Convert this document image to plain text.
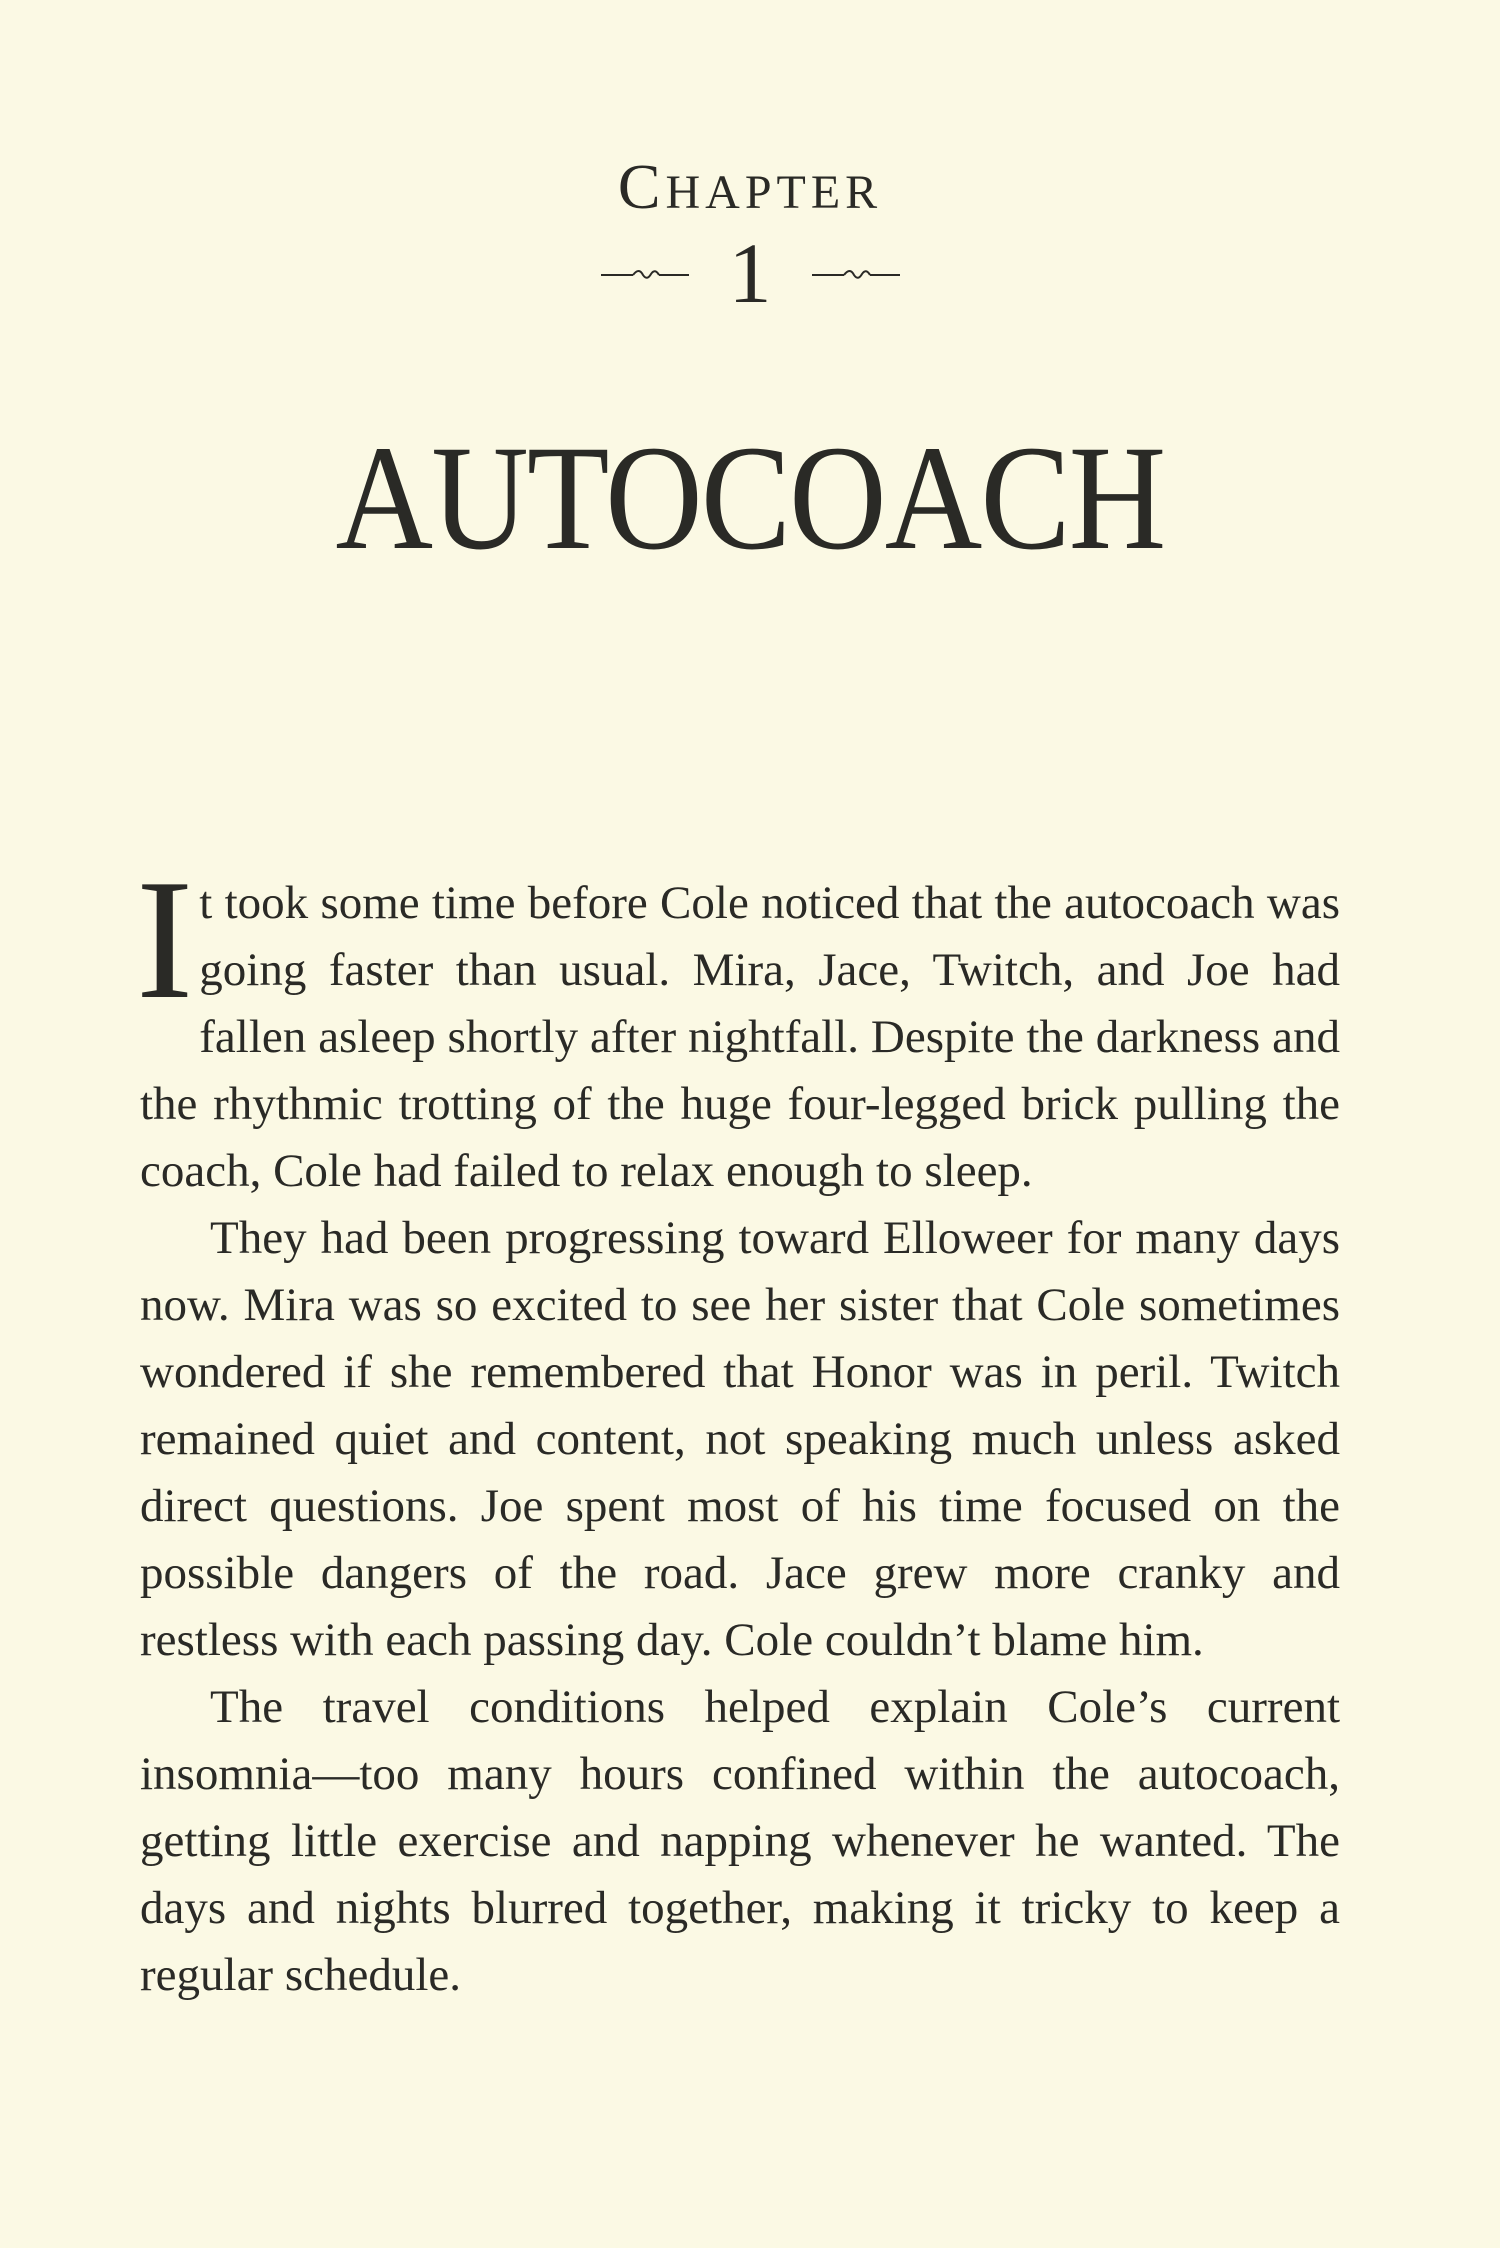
CHAPTER
1
AUTOCOACH

It took some time before Cole noticed that the autocoach was going faster than usual. Mira, Jace, Twitch, and Joe had fallen asleep shortly after nightfall. Despite the darkness and the rhythmic trotting of the huge four-legged brick pulling the coach, Cole had failed to relax enough to sleep.

They had been progressing toward Elloweer for many days now. Mira was so excited to see her sister that Cole sometimes wondered if she remembered that Honor was in peril. Twitch remained quiet and content, not speaking much unless asked direct questions. Joe spent most of his time focused on the possible dangers of the road. Jace grew more cranky and restless with each passing day. Cole couldn’t blame him.

The travel conditions helped explain Cole’s current insomnia—too many hours confined within the autocoach, getting little exercise and napping whenever he wanted. The days and nights blurred together, making it tricky to keep a regular schedule.
